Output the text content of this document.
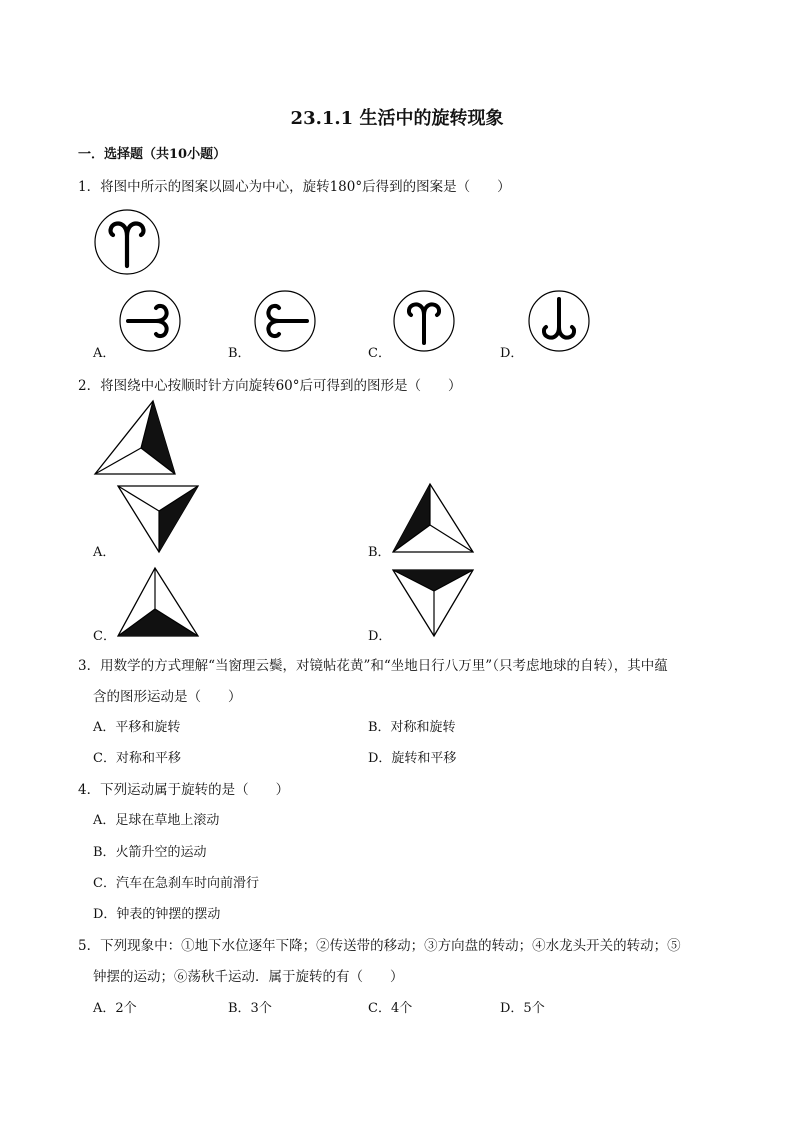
23.1.1 生活中的旋转现象
一．选择题（共10小题）
1．将图中所示的图案以圆心为中心，旋转180°后得到的图案是（　　）
A．	B．	C．	D．
2．将图绕中心按顺时针方向旋转60°后可得到的图形是（　　）
A．	B．
C．	D．
3．用数学的方式理解“当窗理云鬓，对镜帖花黄”和“坐地日行八万里”（只考虑地球的自转），其中蕴
含的图形运动是（　　）
A．平移和旋转	B．对称和旋转
C．对称和平移	D．旋转和平移
4．下列运动属于旋转的是（　　）
A．足球在草地上滚动
B．火箭升空的运动
C．汽车在急刹车时向前滑行
D．钟表的钟摆的摆动
5．下列现象中：①地下水位逐年下降；②传送带的移动；③方向盘的转动；④水龙头开关的转动；⑤
钟摆的运动；⑥荡秋千运动．属于旋转的有（　　）
A．2个	B．3个	C．4个	D．5个
